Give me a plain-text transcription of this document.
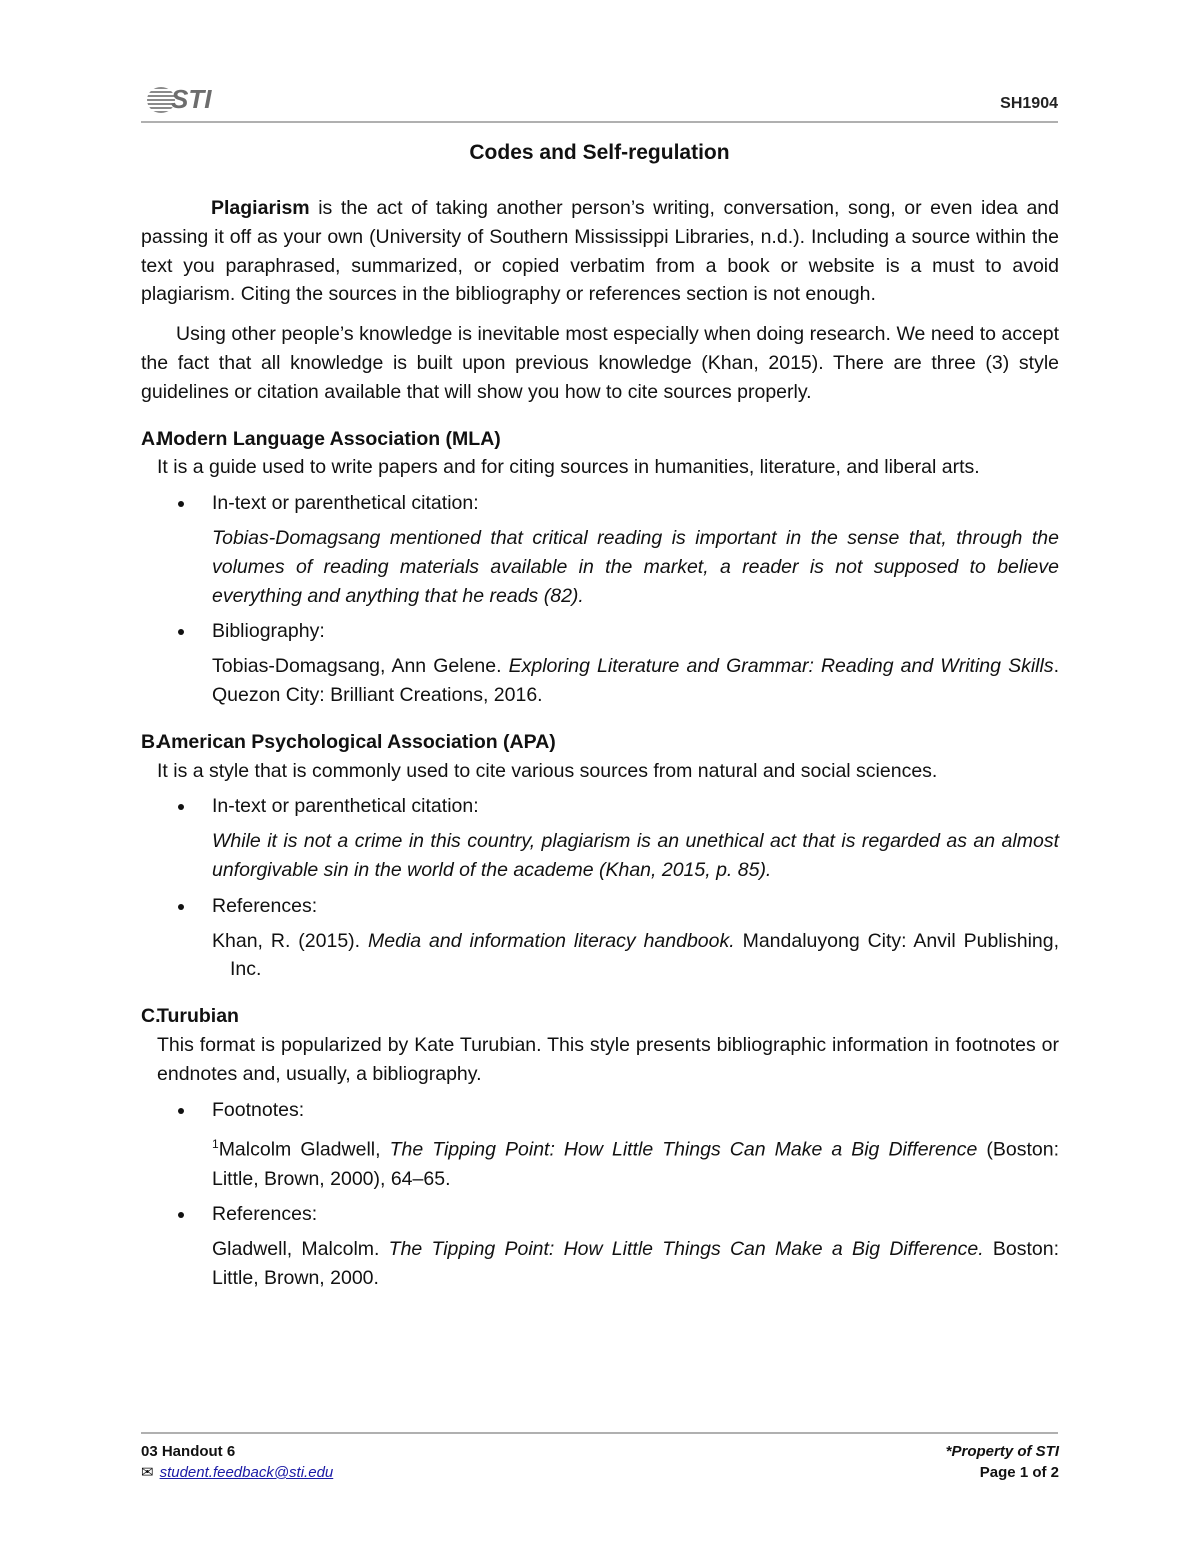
STI	SH1904
Codes and Self-regulation

Plagiarism is the act of taking another person’s writing, conversation, song, or even idea and passing it off as your own (University of Southern Mississippi Libraries, n.d.). Including a source within the text you paraphrased, summarized, or copied verbatim from a book or website is a must to avoid plagiarism. Citing the sources in the bibliography or references section is not enough.

Using other people’s knowledge is inevitable most especially when doing research. We need to accept the fact that all knowledge is built upon previous knowledge (Khan, 2015). There are three (3) style guidelines or citation available that will show you how to cite sources properly.

A.
Modern Language Association (MLA)

It is a guide used to write papers and for citing sources in humanities, literature, and liberal arts.

In-text or parenthetical citation:

Tobias-Domagsang mentioned that critical reading is important in the sense that, through the volumes of reading materials available in the market, a reader is not supposed to believe everything and anything that he reads (82).

Bibliography:

Tobias-Domagsang, Ann Gelene. Exploring Literature and Grammar: Reading and Writing Skills. Quezon City: Brilliant Creations, 2016.

B.
American Psychological Association (APA)

It is a style that is commonly used to cite various sources from natural and social sciences.

In-text or parenthetical citation:

While it is not a crime in this country, plagiarism is an unethical act that is regarded as an almost unforgivable sin in the world of the academe (Khan, 2015, p. 85).

References:

Khan, R. (2015). Media and information literacy handbook. Mandaluyong City: Anvil Publishing, Inc.

C.
Turubian

This format is popularized by Kate Turubian. This style presents bibliographic information in footnotes or endnotes and, usually, a bibliography.

Footnotes:

$^1$Malcolm Gladwell, The Tipping Point: How Little Things Can Make a Big Difference (Boston: Little, Brown, 2000), 64–65.

References:

Gladwell, Malcolm. The Tipping Point: How Little Things Can Make a Big Difference. Boston: Little, Brown, 2000.

03 Handout 6
✉ student.feedback@sti.edu
*Property of STI
Page 1 of 2
